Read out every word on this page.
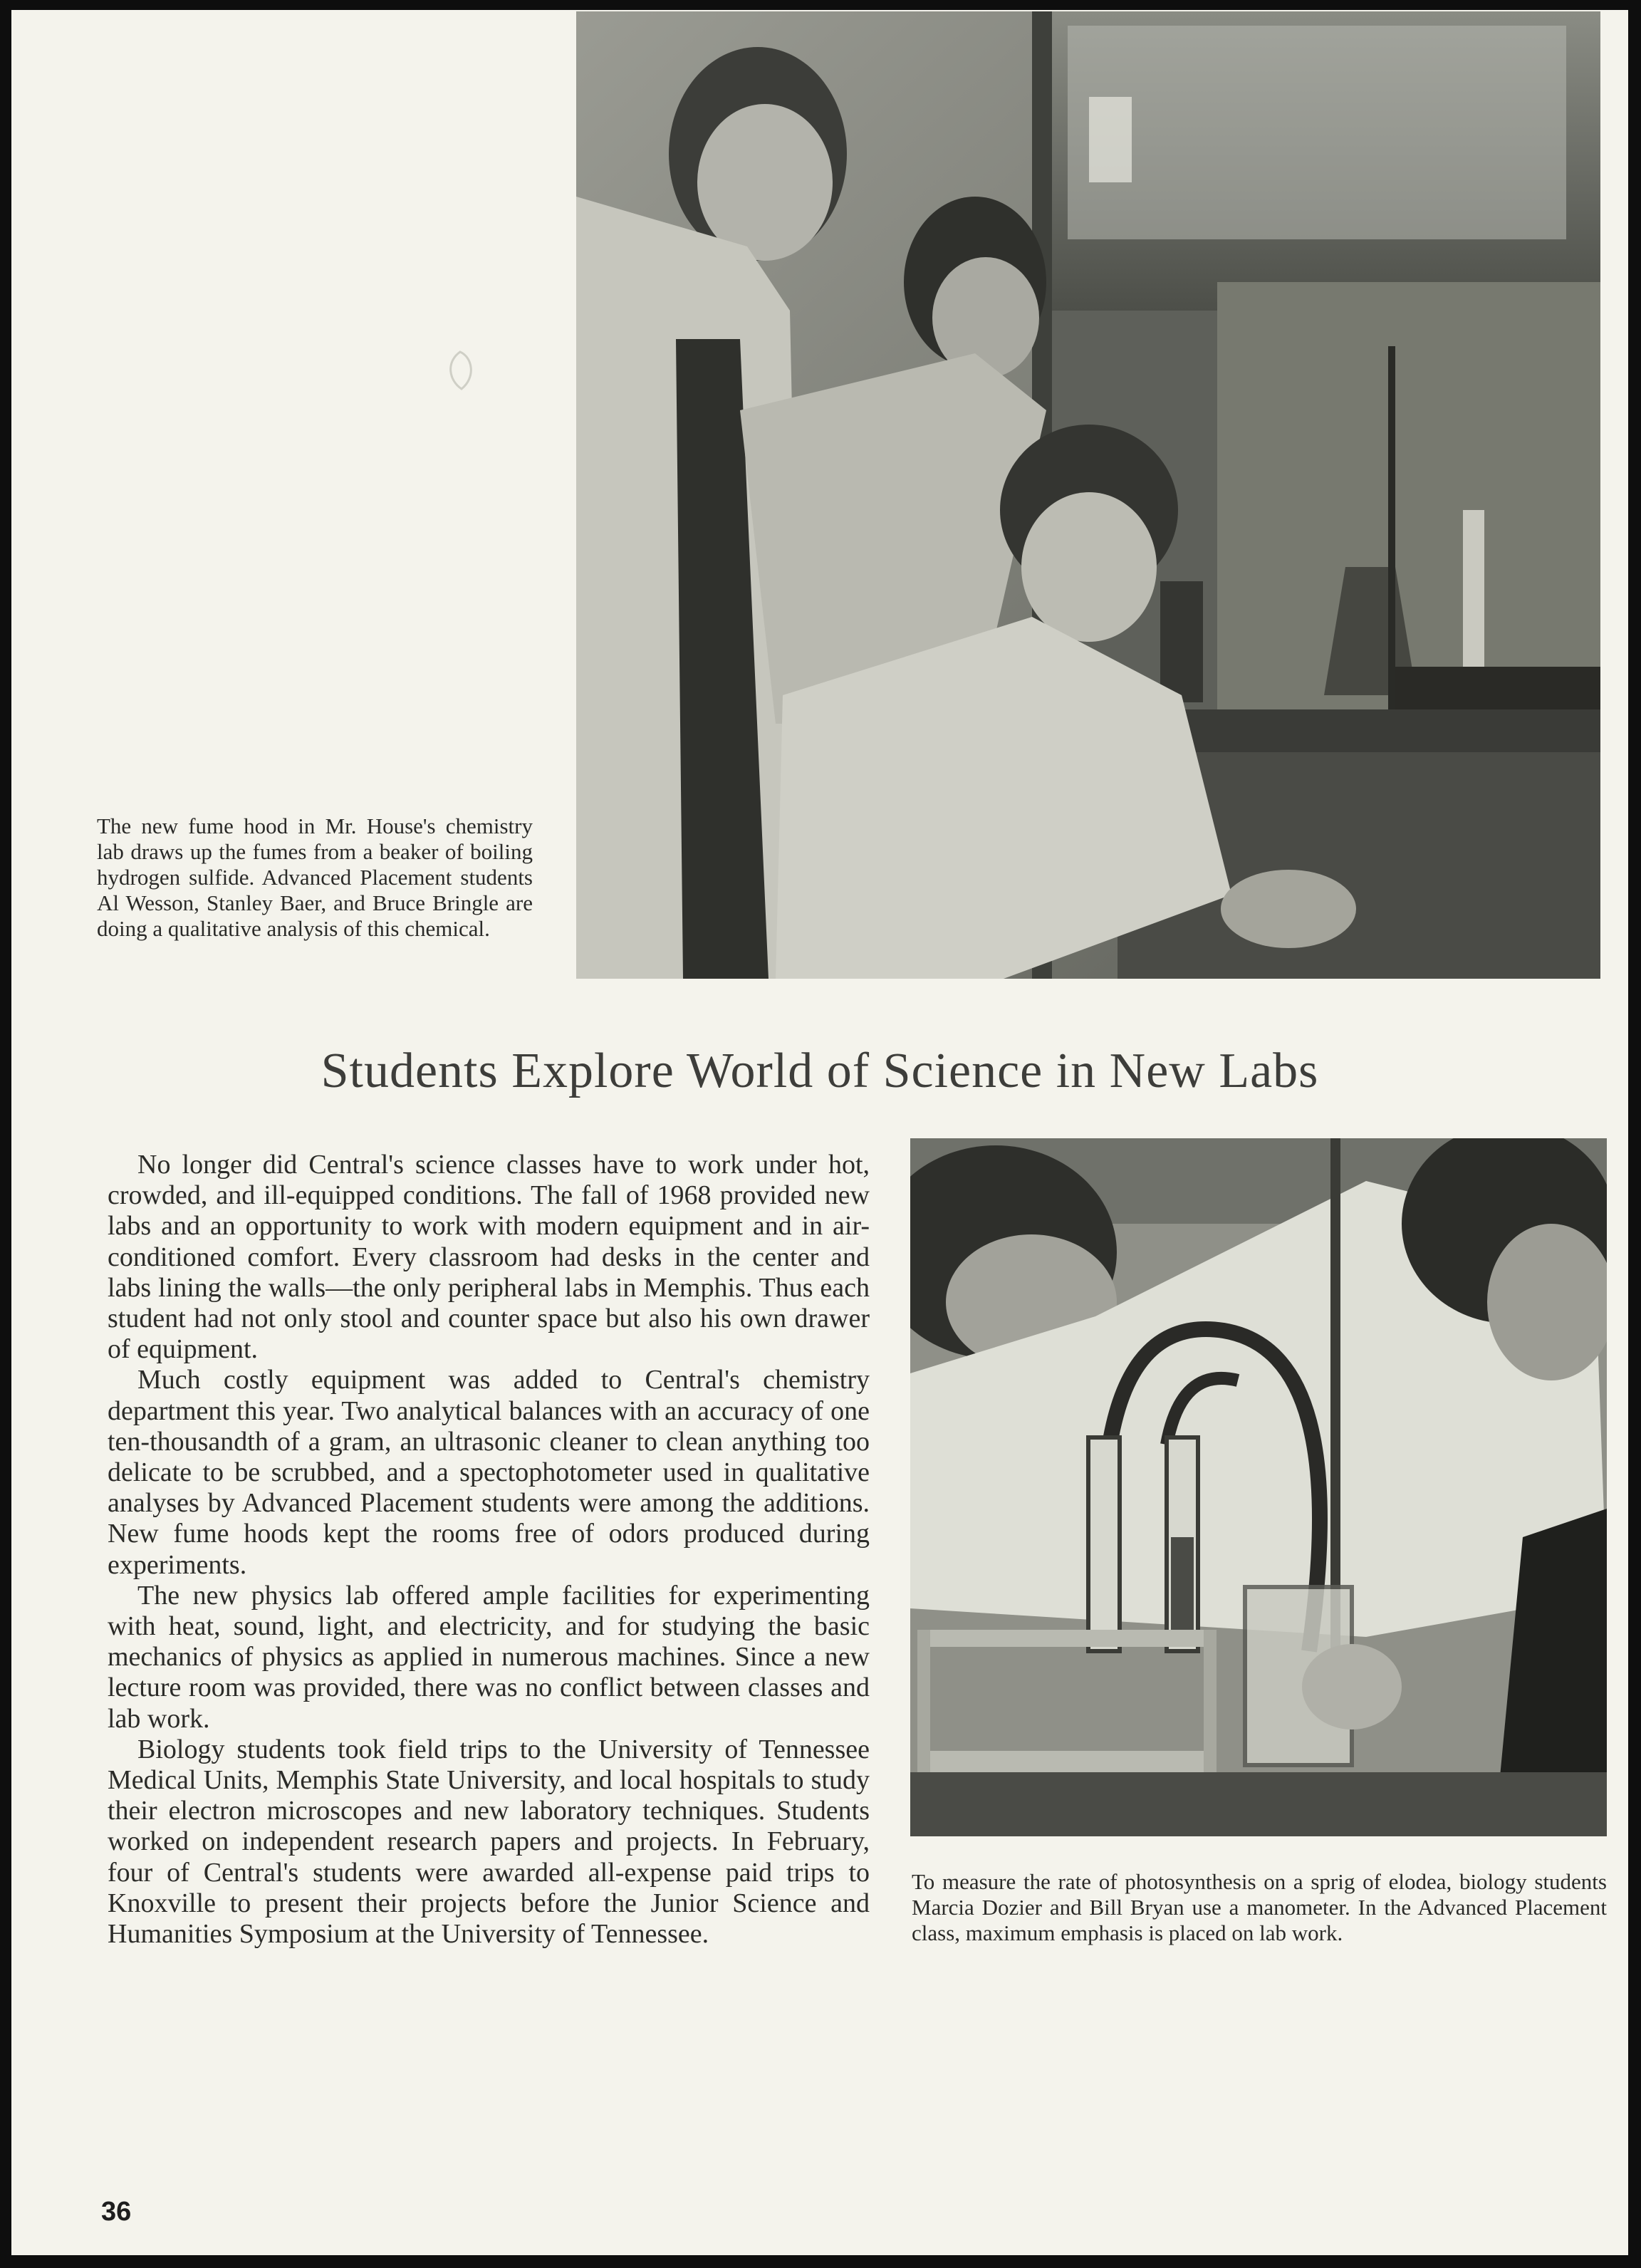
The new fume hood in Mr. House's chemistry lab draws up the fumes from a beaker of boiling hydrogen sulfide. Advanced Placement students Al Wesson, Stanley Baer, and Bruce Bringle are doing a qualitative analysis of this chemical.
Students Explore World of Science in New Labs

No longer did Central's science classes have to work under hot, crowded, and ill-equipped conditions. The fall of 1968 provided new labs and an opportunity to work with modern equipment and in air-conditioned comfort. Every classroom had desks in the center and labs lining the walls—the only peripheral labs in Memphis. Thus each student had not only stool and counter space but also his own drawer of equipment.

Much costly equipment was added to Central's chemistry department this year. Two analytical balances with an accuracy of one ten-thousandth of a gram, an ultrasonic cleaner to clean anything too delicate to be scrubbed, and a spectophotometer used in qualitative analyses by Advanced Placement students were among the additions. New fume hoods kept the rooms free of odors produced during experiments.

The new physics lab offered ample facilities for experimenting with heat, sound, light, and electricity, and for studying the basic mechanics of physics as applied in numerous machines. Since a new lecture room was provided, there was no conflict between classes and lab work.

Biology students took field trips to the University of Tennessee Medical Units, Memphis State University, and local hospitals to study their electron microscopes and new laboratory techniques. Students worked on independent research papers and projects. In February, four of Central's students were awarded all-expense paid trips to Knoxville to present their projects before the Junior Science and Humanities Symposium at the University of Tennessee.

To measure the rate of photosynthesis on a sprig of elodea, biology students Marcia Dozier and Bill Bryan use a manometer. In the Advanced Placement class, maximum emphasis is placed on lab work.
36
